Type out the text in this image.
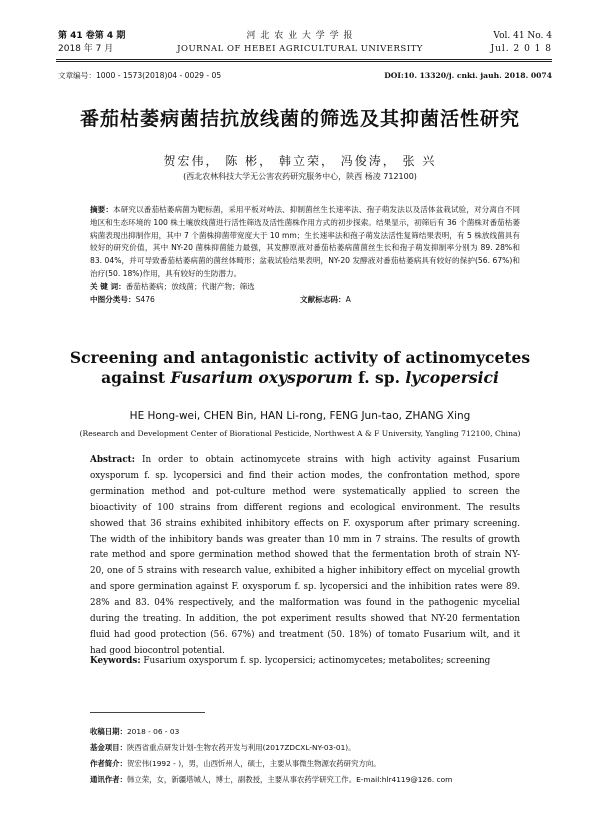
第 41 卷第 4 期
2018 年 7 月
河 北 农 业 大 学 学 报
JOURNAL OF HEBEI AGRICULTURAL UNIVERSITY
Vol. 41 No. 4
Jul. 2 0 1 8
文章编号：1000 - 1573(2018)04 - 0029 - 05	DOI:10. 13320/j. cnki. jauh. 2018. 0074
番茄枯萎病菌拮抗放线菌的筛选及其抑菌活性研究
贺宏伟， 陈 彬， 韩立荣， 冯俊涛， 张 兴
(西北农林科技大学无公害农药研究服务中心，陕西 杨凌 712100)
摘要：本研究以番茄枯萎病菌为靶标菌，采用平板对峙法、抑制菌丝生长速率法、孢子萌发法以及活体盆栽试验，对分离自不同地区和生态环境的 100 株土壤放线菌进行活性筛选及活性菌株作用方式的初步探索。结果显示，初筛后有 36 个菌株对番茄枯萎病菌表现出抑制作用，其中 7 个菌株抑菌带宽度大于 10 mm；生长速率法和孢子萌发法活性复筛结果表明，有 5 株放线菌具有较好的研究价值，其中 NY-20 菌株抑菌能力最强，其发酵原液对番茄枯萎病菌菌丝生长和孢子萌发抑制率分别为 89. 28%和 83. 04%，并可导致番茄枯萎病菌的菌丝体畸形；盆栽试验结果表明，NY-20 发酵液对番茄枯萎病具有较好的保护(56. 67%)和治疗(50. 18%)作用，具有较好的生防潜力。
关 键 词：番茄枯萎病；放线菌；代谢产物；筛选
中图分类号：S476	文献标志码：A
Screening and antagonistic activity of actinomycetes
against Fusarium oxysporum f. sp. lycopersici
HE Hong-wei, CHEN Bin, HAN Li-rong, FENG Jun-tao, ZHANG Xing
(Research and Development Center of Biorational Pesticide, Northwest A & F University, Yangling 712100, China)
Abstract: In order to obtain actinomycete strains with high activity against Fusarium oxysporum f. sp. lycopersici and find their action modes, the confrontation method, spore germination method and pot-culture method were systematically applied to screen the bioactivity of 100 strains from different regions and ecological environment. The results showed that 36 strains exhibited inhibitory effects on F. oxysporum after primary screening. The width of the inhibitory bands was greater than 10 mm in 7 strains. The results of growth rate method and spore germination method showed that the fermentation broth of strain NY-20, one of 5 strains with research value, exhibited a higher inhibitory effect on mycelial growth and spore germination against F. oxysporum f. sp. lycopersici and the inhibition rates were 89. 28% and 83. 04% respectively, and the malformation was found in the pathogenic mycelial during the treating. In addition, the pot experiment results showed that NY-20 fermentation fluid had good protection (56. 67%) and treatment (50. 18%) of tomato Fusarium wilt, and it had good biocontrol potential.
Keywords: Fusarium oxysporum f. sp. lycopersici; actinomycetes; metabolites; screening
收稿日期：2018 - 06 - 03
基金项目：陕西省重点研发计划-生物农药开发与利用(2017ZDCXL-NY-03-01)。
作者简介：贺宏伟(1992 - )，男，山西忻州人，硕士，主要从事微生物源农药研究方向。
通讯作者：韩立荣，女，新疆塔城人，博士，副教授，主要从事农药学研究工作。E-mail:hlr4119@126. com
